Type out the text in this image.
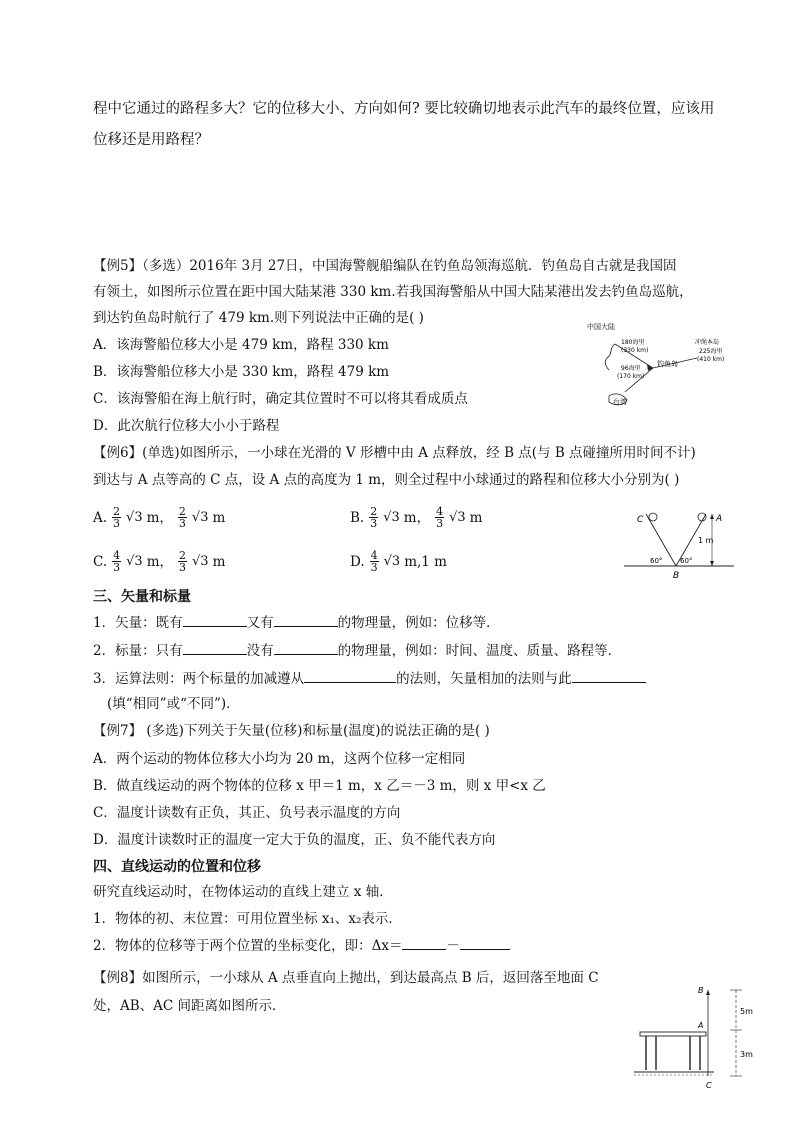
程中它通过的路程多大？它的位移大小、方向如何? 要比较确切地表示此汽车的最终位置，应该用
位移还是用路程？
【例5】（多选）2016年 3月 27日，中国海警舰船编队在钓鱼岛领海巡航．钓鱼岛自古就是我国固
有领土，如图所示位置在距中国大陆某港 330 km.若我国海警船从中国大陆某港出发去钓鱼岛巡航，
到达钓鱼岛时航行了 479 km.则下列说法中正确的是( )
A．该海警船位移大小是 479 km，路程 330 km
B．该海警船位移大小是 330 km，路程 479 km
C．该海警船在海上航行时，确定其位置时不可以将其看成质点
D．此次航行位移大小小于路程
中国大陆
180海里
(330 km)
冲绳本岛
225海里
(410 km)
钓鱼岛
96海里
(170 km)
台湾
【例6】(单选)如图所示，一小球在光滑的 V 形槽中由 A 点释放，经 B 点(与 B 点碰撞所用时间不计)
到达与 A 点等高的 C 点，设 A 点的高度为 1 m，则全过程中小球通过的路程和位移大小分别为( )
A. $\frac{2}{3} √3$ m， $\frac{2}{3} √3$ m	B. $\frac{2}{3} √3$ m， $\frac{4}{3} √3$ m
C. $\frac{4}{3} √3$ m， $\frac{2}{3} √3$ m	D. $\frac{4}{3} √3$ m,1 m
C	A
B
1 m
60°	60°
三、矢量和标量
1．矢量：既有	又有	的物理量，例如：位移等．
2．标量：只有	没有	的物理量，例如：时间、温度、质量、路程等．
3．运算法则：两个标量的加减遵从	的法则，矢量相加的法则与此
(填“相同”或“不同”)．
【例7】 (多选)下列关于矢量(位移)和标量(温度)的说法正确的是( )
A．两个运动的物体位移大小均为 20 m，这两个位移一定相同
B．做直线运动的两个物体的位移 x 甲＝1 m，x 乙＝－3 m，则 x 甲<x 乙
C．温度计读数有正负，其正、负号表示温度的方向
D．温度计读数时正的温度一定大于负的温度，正、负不能代表方向
四、直线运动的位置和位移
研究直线运动时，在物体运动的直线上建立 x 轴．
1．物体的初、末位置：可用位置坐标 x₁、x₂表示．
2．物体的位移等于两个位置的坐标变化，即：Δx＝	－
【例8】如图所示，一小球从 A 点垂直向上抛出，到达最高点 B 后，返回落至地面 C
处，AB、AC 间距离如图所示．
B
A
C
5m
3m
